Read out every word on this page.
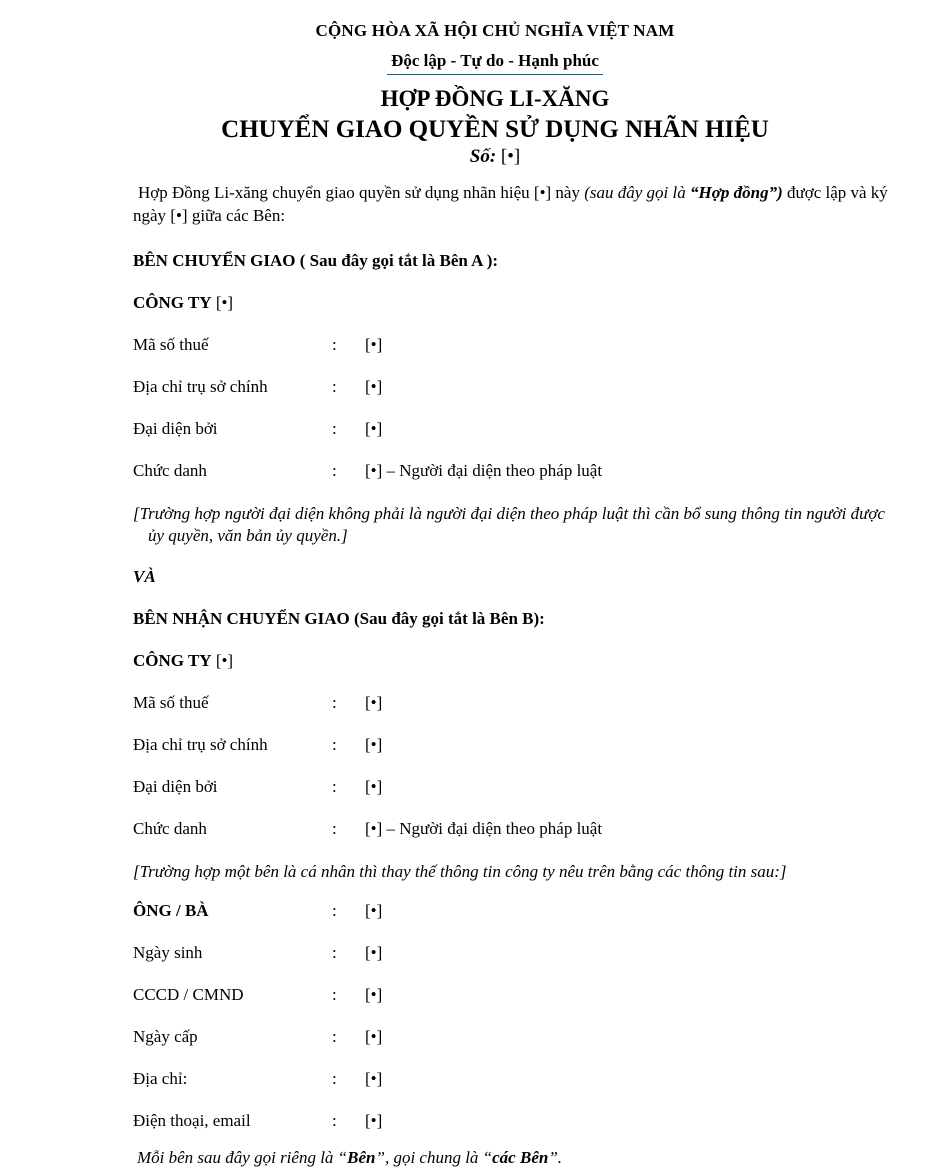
CỘNG HÒA XÃ HỘI CHỦ NGHĨA VIỆT NAM
Độc lập - Tự do - Hạnh phúc
HỢP ĐỒNG LI-XĂNG
CHUYỂN GIAO QUYỀN SỬ DỤNG NHÃN HIỆU
Số: [•]

Hợp Đồng Li-xăng chuyển giao quyền sử dụng nhãn hiệu [•] này (sau đây gọi là “Hợp đồng”) được lập và ký ngày [•] giữa các Bên:

BÊN CHUYỂN GIAO ( Sau đây gọi tắt là Bên A ):
CÔNG TY [•]
Mã số thuế	:	[•]
Địa chỉ trụ sở chính	:	[•]
Đại diện bởi	:	[•]
Chức danh	:	[•] – Người đại diện theo pháp luật

[Trường hợp người đại diện không phải là người đại diện theo pháp luật thì cần bổ sung thông tin người được ủy quyền, văn bản ủy quyền.]

VÀ
BÊN NHẬN CHUYỂN GIAO (Sau đây gọi tắt là Bên B):
CÔNG TY [•]
Mã số thuế	:	[•]
Địa chỉ trụ sở chính	:	[•]
Đại diện bởi	:	[•]
Chức danh	:	[•] – Người đại diện theo pháp luật

[Trường hợp một bên là cá nhân thì thay thế thông tin công ty nêu trên bằng các thông tin sau:]

ÔNG / BÀ	:	[•]
Ngày sinh	:	[•]
CCCD / CMND	:	[•]
Ngày cấp	:	[•]
Địa chỉ:	:	[•]
Điện thoại, email	:	[•]

Mỗi bên sau đây gọi riêng là “Bên”, gọi chung là “các Bên”.
